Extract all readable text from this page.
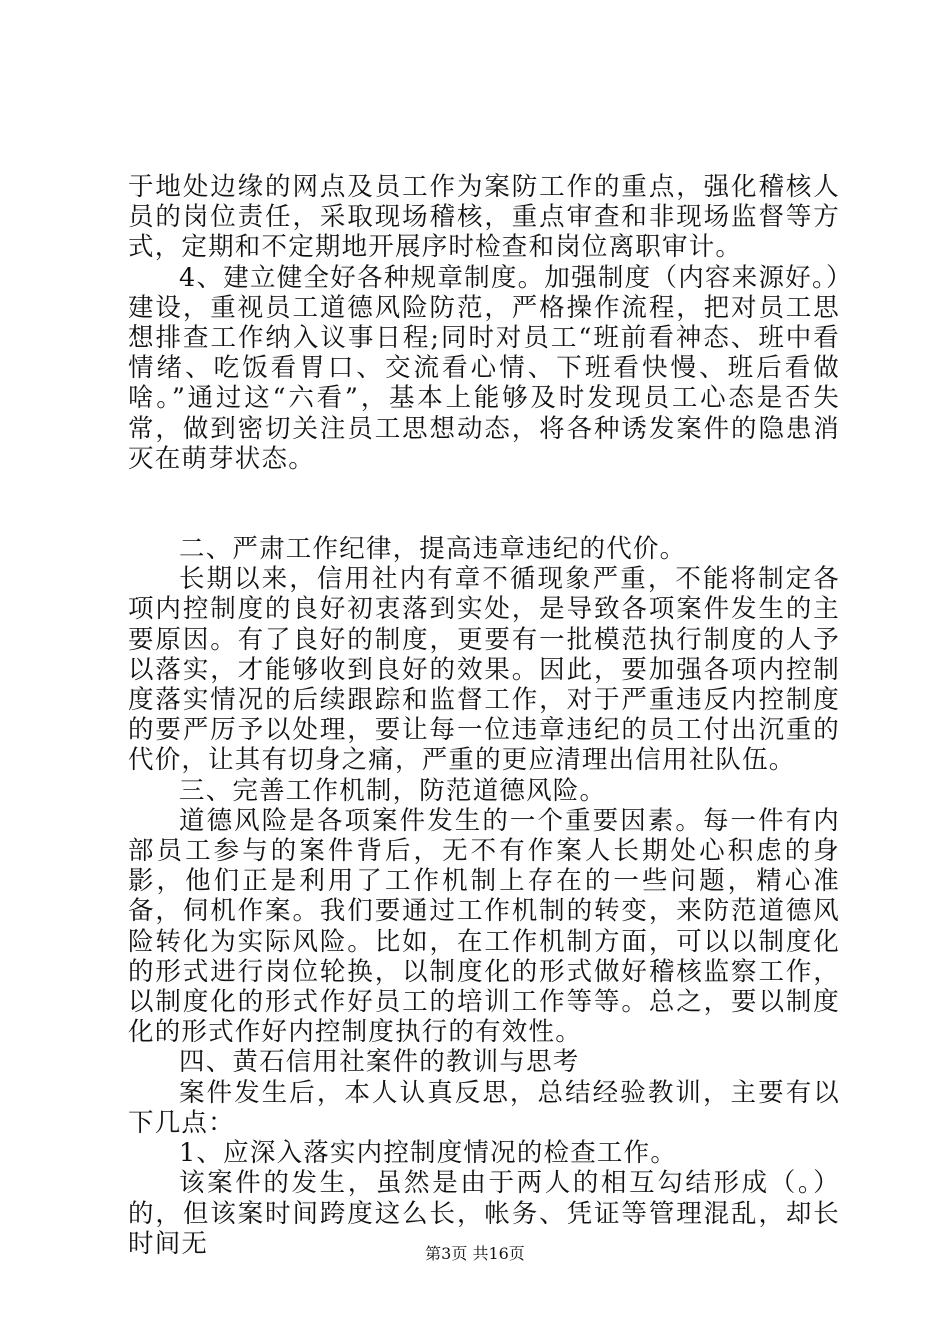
于地处边缘的网点及员工作为案防工作的重点，强化稽核人员的岗位责任，采取现场稽核，重点审查和非现场监督等方式，定期和不定期地开展序时检查和岗位离职审计。

4、建立健全好各种规章制度。加强制度（内容来源好。）建设，重视员工道德风险防范，严格操作流程，把对员工思想排查工作纳入议事日程;同时对员工“班前看神态、班中看情绪、吃饭看胃口、交流看心情、下班看快慢、班后看做啥。”通过这“六看”，基本上能够及时发现员工心态是否失常，做到密切关注员工思想动态，将各种诱发案件的隐患消灭在萌芽状态。

二、严肃工作纪律，提高违章违纪的代价。

长期以来，信用社内有章不循现象严重，不能将制定各项内控制度的良好初衷落到实处，是导致各项案件发生的主要原因。有了良好的制度，更要有一批模范执行制度的人予以落实，才能够收到良好的效果。因此，要加强各项内控制度落实情况的后续跟踪和监督工作，对于严重违反内控制度的要严厉予以处理，要让每一位违章违纪的员工付出沉重的代价，让其有切身之痛，严重的更应清理出信用社队伍。

三、完善工作机制，防范道德风险。

道德风险是各项案件发生的一个重要因素。每一件有内部员工参与的案件背后，无不有作案人长期处心积虑的身影，他们正是利用了工作机制上存在的一些问题，精心准备，伺机作案。我们要通过工作机制的转变，来防范道德风险转化为实际风险。比如，在工作机制方面，可以以制度化的形式进行岗位轮换，以制度化的形式做好稽核监察工作，以制度化的形式作好员工的培训工作等等。总之，要以制度化的形式作好内控制度执行的有效性。

四、黄石信用社案件的教训与思考

案件发生后，本人认真反思，总结经验教训，主要有以下几点：

1、应深入落实内控制度情况的检查工作。

该案件的发生，虽然是由于两人的相互勾结形成（。）的，但该案时间跨度这么长，帐务、凭证等管理混乱，却长时间无	第3页 共16页
